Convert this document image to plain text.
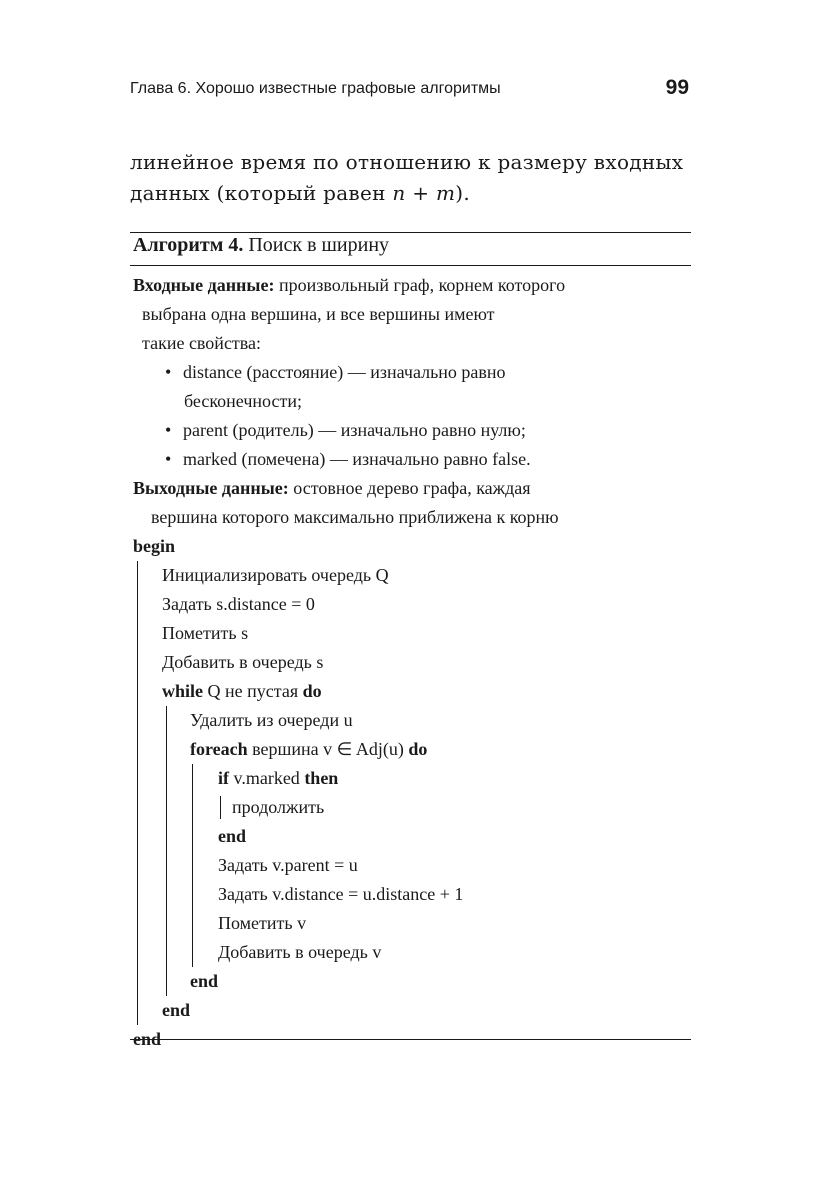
Глава 6. Хорошо известные графовые алгоритмы	99

линейное время по отношению к размеру входных

данных (который равен n + m).

Алгоритм 4. Поиск в ширину
Входные данные: произвольный граф, корнем которого
выбрана одна вершина, и все вершины имеют
такие свойства:
• distance (расстояние) — изначально равно
бесконечности;
• parent (родитель) — изначально равно нулю;
• marked (помечена) — изначально равно false.
Выходные данные: остовное дерево графа, каждая
вершина которого максимально приближена к корню
begin
Инициализировать очередь Q
Задать s.distance = 0
Пометить s
Добавить в очередь s
while Q не пустая do
Удалить из очереди u
foreach вершина v ∈ Adj(u) do
if v.marked then
продолжить
end
Задать v.parent = u
Задать v.distance = u.distance + 1
Пометить v
Добавить в очередь v
end
end
end
